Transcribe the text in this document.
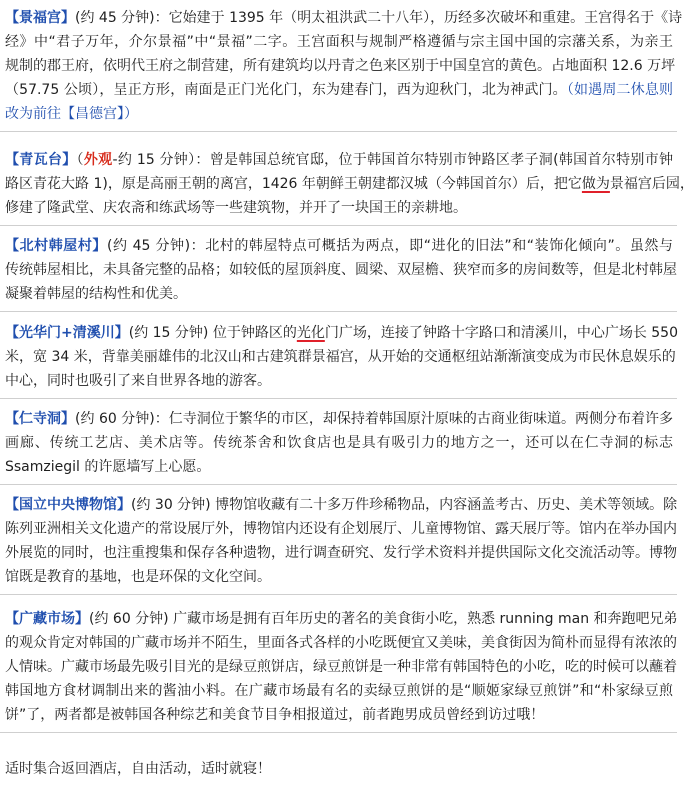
【景福宫】(约 45 分钟)：它始建于 1395 年（明太祖洪武二十八年），历经多次破坏和重建。王宫得名于《诗
经》中“君子万年，介尔景福”中“景福”二字。王宫面积与规制严格遵循与宗主国中国的宗藩关系，为亲王
规制的郡王府，依明代王府之制营建，所有建筑均以丹青之色来区别于中国皇宫的黄色。占地面积 12.6 万坪
（57.75 公顷），呈正方形，南面是正门光化门，东为建春门，西为迎秋门，北为神武门。（如遇周二休息则
改为前往【昌德宫】）
【青瓦台】（外观-约 15 分钟）：曾是韩国总统官邸，位于韩国首尔特别市钟路区孝子洞(韩国首尔特别市钟
路区青花大路 1)，原是高丽王朝的离宫，1426 年朝鲜王朝建都汉城（今韩国首尔）后，把它做为景福宫后园，
修建了隆武堂、庆农斋和练武场等一些建筑物，并开了一块国王的亲耕地。
【北村韩屋村】(约 45 分钟)：北村的韩屋特点可概括为两点，即“进化的旧法”和“装饰化倾向”。虽然与
传统韩屋相比，未具备完整的品格；如较低的屋顶斜度、圆梁、双屋檐、狭窄而多的房间数等，但是北村韩屋
凝聚着韩屋的结构性和优美。
【光华门+清溪川】(约 15 分钟) 位于钟路区的光化门广场，连接了钟路十字路口和清溪川，中心广场长 550
米，宽 34 米，背靠美丽雄伟的北汉山和古建筑群景福宫，从开始的交通枢纽站渐渐演变成为市民休息娱乐的
中心，同时也吸引了来自世界各地的游客。
【仁寺洞】(约 60 分钟)：仁寺洞位于繁华的市区，却保持着韩国原汁原味的古商业街味道。两侧分布着许多
画廊、传统工艺店、美术店等。传统茶舍和饮食店也是具有吸引力的地方之一，还可以在仁寺洞的标志
Ssamziegil 的许愿墙写上心愿。
【国立中央博物馆】(约 30 分钟) 博物馆收藏有二十多万件珍稀物品，内容涵盖考古、历史、美术等领域。除
陈列亚洲相关文化遗产的常设展厅外，博物馆内还设有企划展厅、儿童博物馆、露天展厅等。馆内在举办国内
外展览的同时，也注重搜集和保存各种遗物，进行调查研究、发行学术资料并提供国际文化交流活动等。博物
馆既是教育的基地，也是环保的文化空间。
【广藏市场】(约 60 分钟) 广藏市场是拥有百年历史的著名的美食街小吃，熟悉 running man 和奔跑吧兄弟
的观众肯定对韩国的广藏市场并不陌生，里面各式各样的小吃既便宜又美味，美食街因为简朴而显得有浓浓的
人情味。广藏市场最先吸引目光的是绿豆煎饼店，绿豆煎饼是一种非常有韩国特色的小吃，吃的时候可以蘸着
韩国地方食材调制出来的酱油小料。在广藏市场最有名的卖绿豆煎饼的是“顺姬家绿豆煎饼”和“朴家绿豆煎
饼”了，两者都是被韩国各种综艺和美食节目争相报道过，前者跑男成员曾经到访过哦！
适时集合返回酒店，自由活动，适时就寝！
